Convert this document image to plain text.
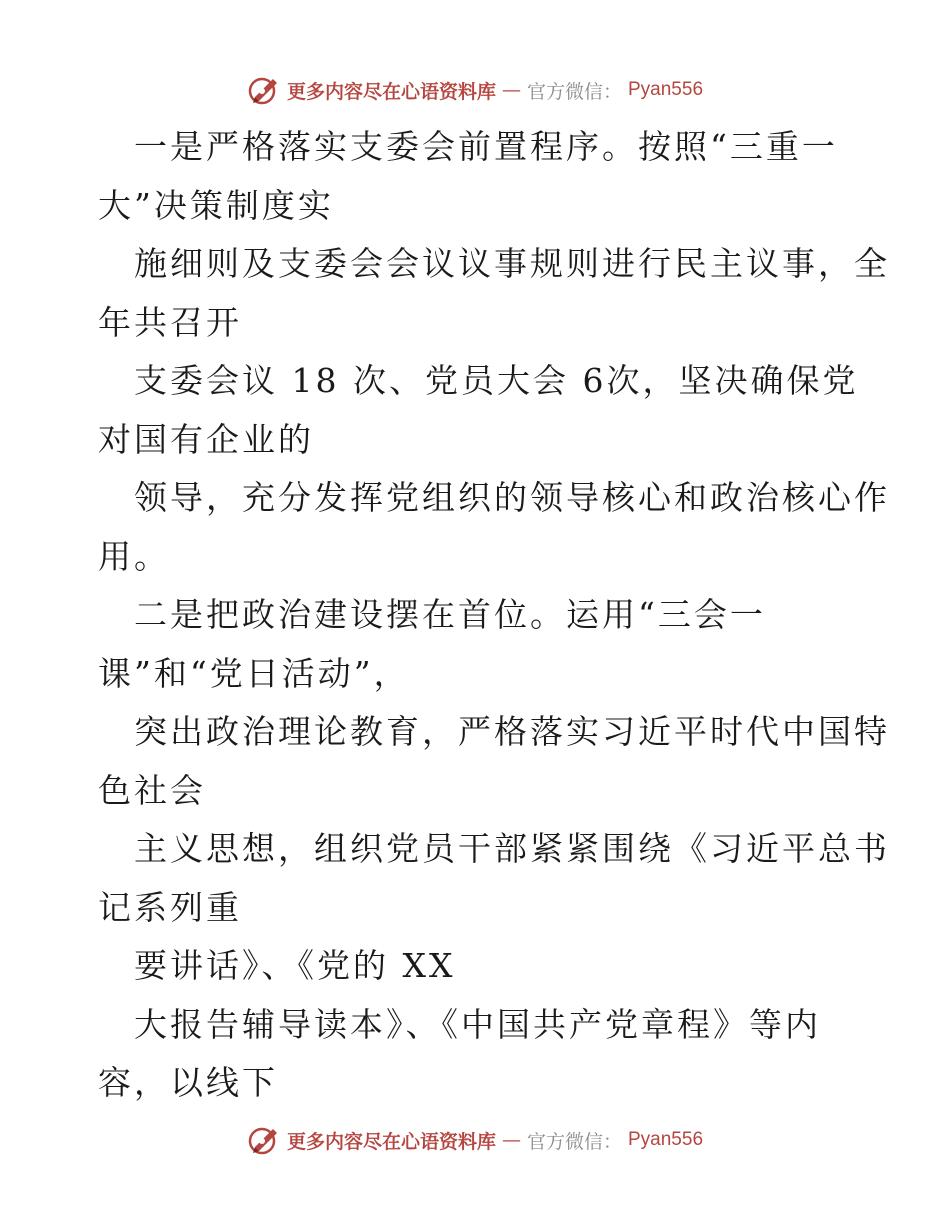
更多内容尽在心语资料库 — 官方微信： Pyan556
一是严格落实支委会前置程序。按照“三重一
大”决策制度实
施细则及支委会会议议事规则进行民主议事，全
年共召开
支委会议 18 次、党员大会 6次，坚决确保党
对国有企业的
领导，充分发挥党组织的领导核心和政治核心作
用。
二是把政治建设摆在首位。运用“三会一
课”和“党日活动”，
突出政治理论教育，严格落实习近平时代中国特
色社会
主义思想，组织党员干部紧紧围绕《习近平总书
记系列重
要讲话》、《党的 XX
大报告辅导读本》、《中国共产党章程》等内
容，以线下
更多内容尽在心语资料库 — 官方微信： Pyan556
